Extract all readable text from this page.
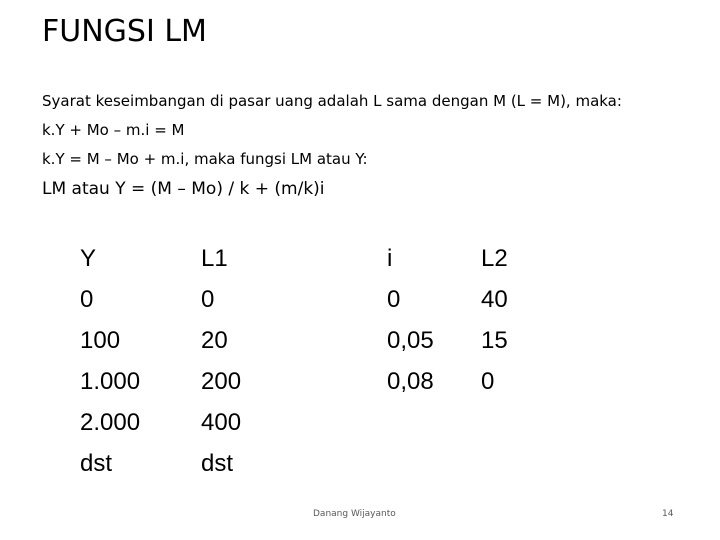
FUNGSI LM
Syarat keseimbangan di pasar uang adalah L sama dengan M (L = M), maka:
k.Y + Mo – m.i = M
k.Y = M – Mo + m.i, maka fungsi LM atau Y:
LM atau Y = (M – Mo) / k + (m/k)i
Y
0
100
1.000
2.000
dst
L1
0
20
200
400
dst
i
0
0,05
0,08
L2
40
15
0
Danang Wijayanto	14
